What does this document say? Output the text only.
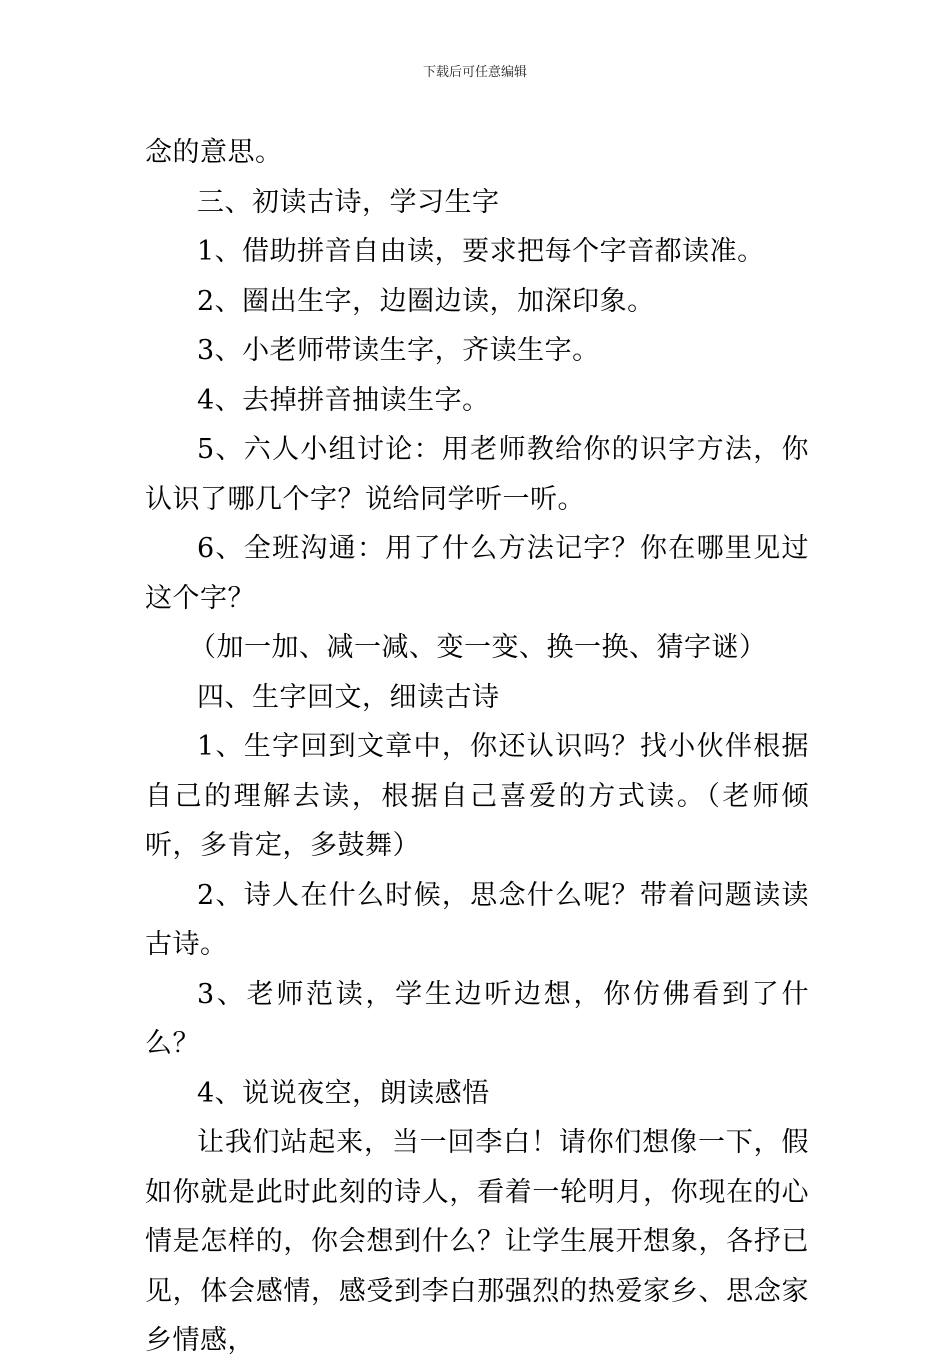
下载后可任意编辑

念的意思。

三、初读古诗，学习生字

1、借助拼音自由读，要求把每个字音都读准。

2、圈出生字，边圈边读，加深印象。

3、小老师带读生字，齐读生字。

4、去掉拼音抽读生字。

5、六人小组讨论：用老师教给你的识字方法，你认识了哪几个字？说给同学听一听。

6、全班沟通：用了什么方法记字？你在哪里见过这个字？

（加一加、减一减、变一变、换一换、猜字谜）

四、生字回文，细读古诗

1、生字回到文章中，你还认识吗？找小伙伴根据自己的理解去读，根据自己喜爱的方式读。（老师倾听，多肯定，多鼓舞）

2、诗人在什么时候，思念什么呢？带着问题读读古诗。

3、老师范读，学生边听边想，你仿佛看到了什么？

4、说说夜空，朗读感悟

让我们站起来，当一回李白！请你们想像一下，假如你就是此时此刻的诗人，看着一轮明月，你现在的心情是怎样的，你会想到什么？让学生展开想象，各抒已见，体会感情，感受到李白那强烈的热爱家乡、思念家乡情感，
